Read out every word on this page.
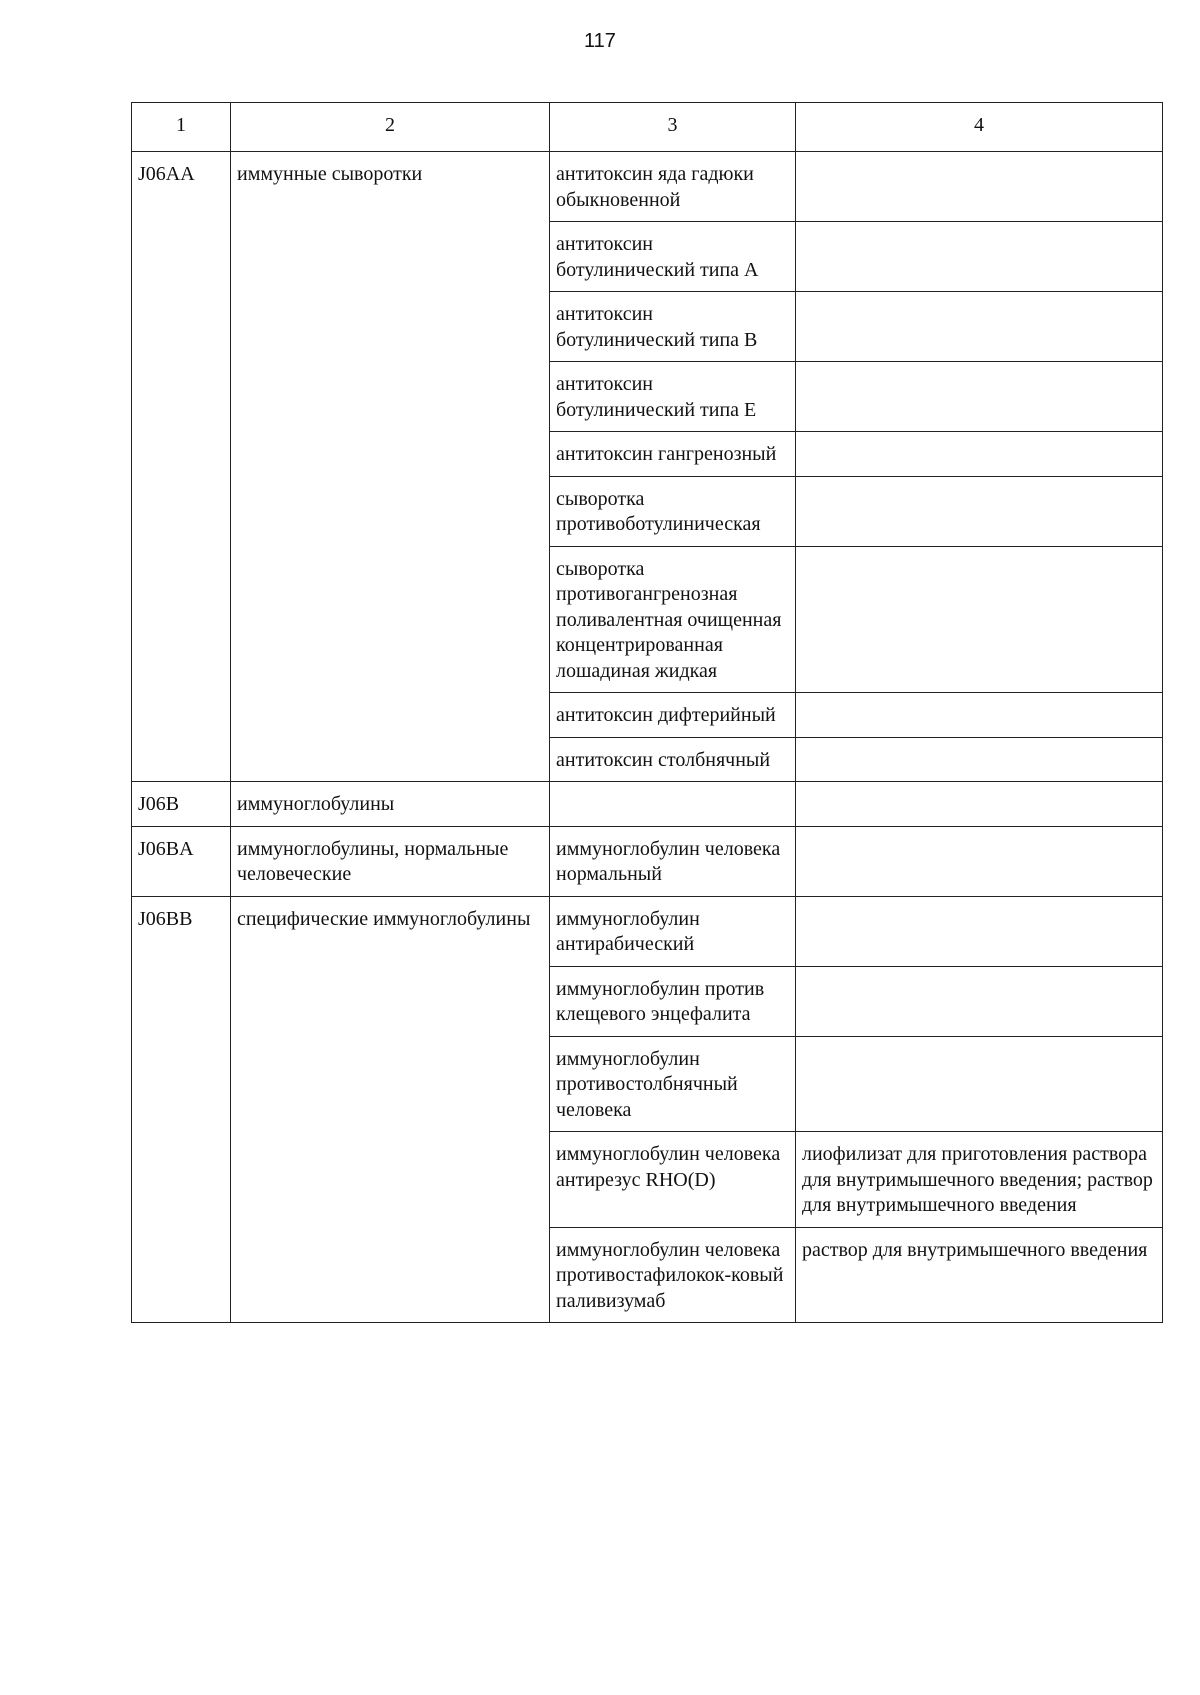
117
1	2	3	4
J06AA	иммунные сыворотки	антитоксин яда гадюки обыкновенной	
		антитоксин ботулинический типа А	
		антитоксин ботулинический типа В	
		антитоксин ботулинический типа Е	
		антитоксин гангренозный	
		сыворотка противоботулиническая	
		сыворотка противогангренозная поливалентная очищенная концентрированная лошадиная жидкая	
		антитоксин дифтерийный	
		антитоксин столбнячный	
J06B	иммуноглобулины		
J06BA	иммуноглобулины, нормальные человеческие	иммуноглобулин человека нормальный	
J06BB	специфические иммуноглобулины	иммуноглобулин антирабический	
		иммуноглобулин против клещевого энцефалита	
		иммуноглобулин противостолбнячный человека	
		иммуноглобулин человека антирезус RHO(D)	лиофилизат для приготовления раствора для внутримышечного введения; раствор для внутримышечного введения
		иммуноглобулин человека противостафилокок-ковый паливизумаб	раствор для внутримышечного введения
